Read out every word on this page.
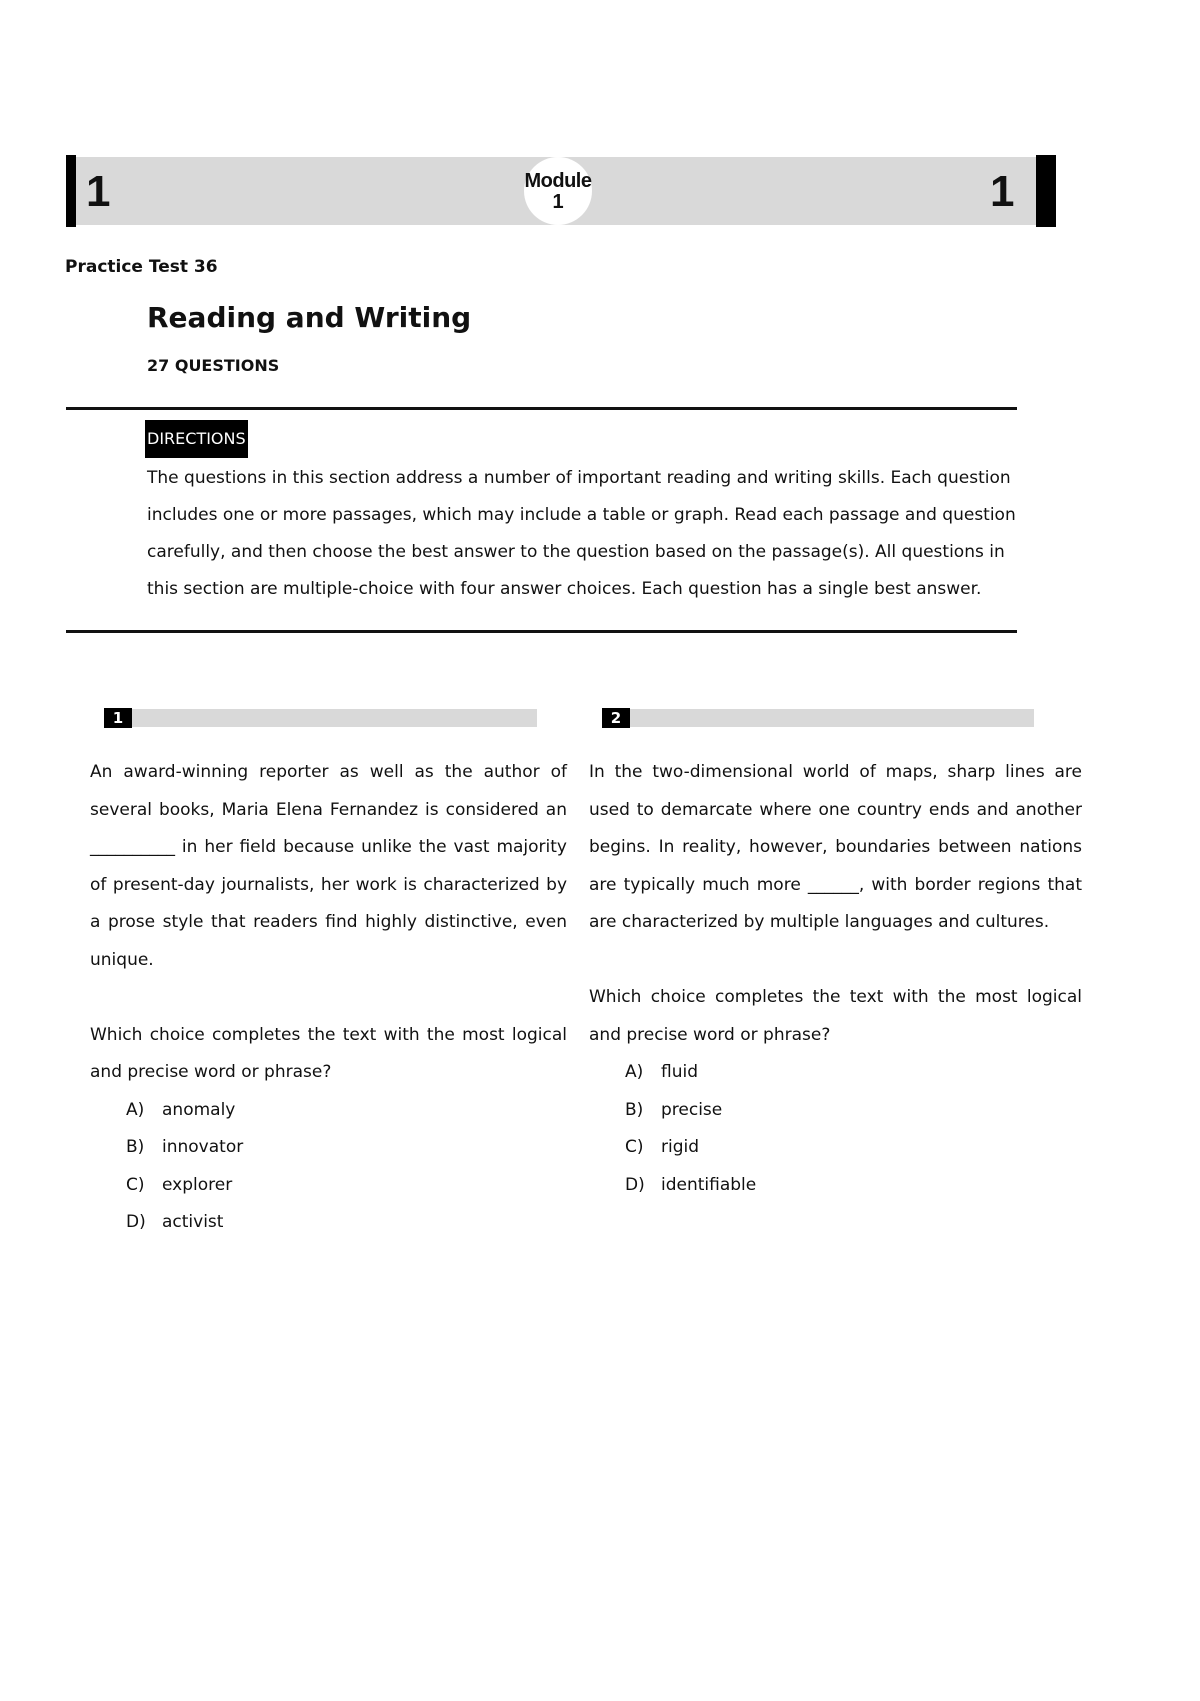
1	1
Module
1
Practice Test 36
Reading and Writing
27 QUESTIONS
DIRECTIONS
The questions in this section address a number of important reading and writing skills. Each question includes one or more passages, which may include a table or graph. Read each passage and question carefully, and then choose the best answer to the question based on the passage(s). All questions in this section are multiple-choice with four answer choices. Each question has a single best answer.
1

An award-winning reporter as well as the author of several books, Maria Elena Fernandez is considered an __________ in her field because unlike the vast majority of present-day journalists, her work is characterized by a prose style that readers find highly distinctive, even unique.

Which choice completes the text with the most logical and precise word or phrase?

A) anomaly
B) innovator
C) explorer
D) activist
2

In the two-dimensional world of maps, sharp lines are used to demarcate where one country ends and another begins. In reality, however, boundaries between nations are typically much more ______, with border regions that are characterized by multiple languages and cultures.

Which choice completes the text with the most logical and precise word or phrase?

A) fluid
B) precise
C) rigid
D) identifiable
